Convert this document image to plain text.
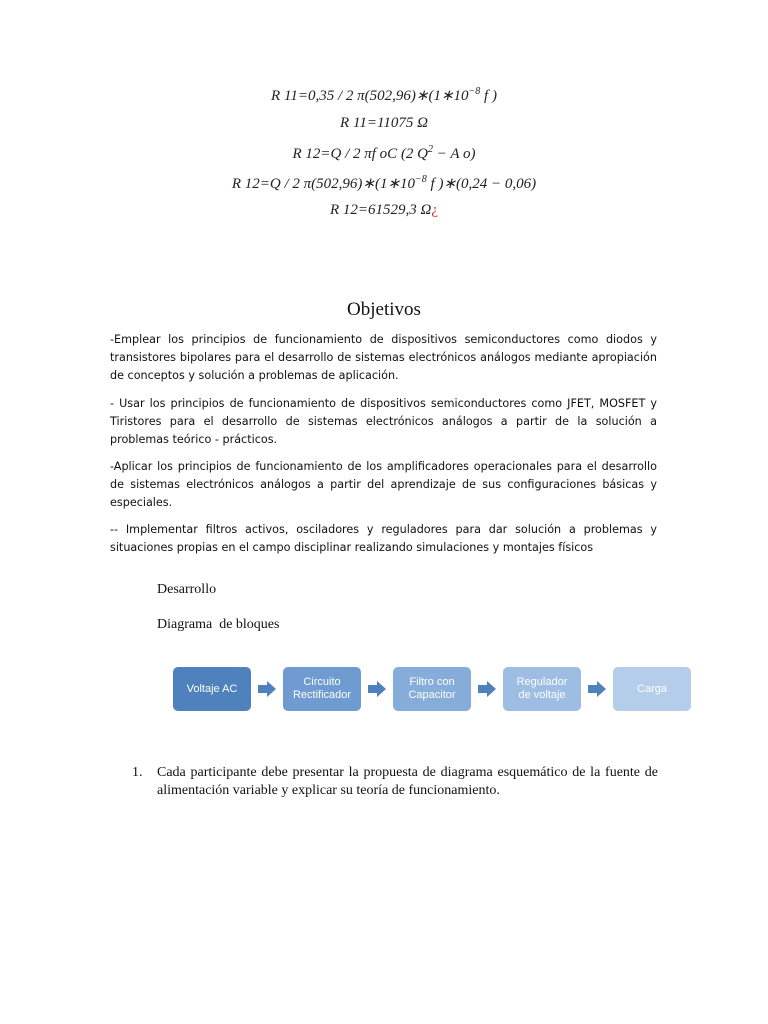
R 11=0,35 / 2 $\pi(502,96)∗(1∗10^{-8}$ f )
R 11=11075 Ω
R 12=Q / 2 πf oC (2 $Q^2 - A$ o)
R 12=Q / 2 $\pi(502,96)∗(1∗10^{-8}$ f )∗(0,24 − 0,06)
R 12=61529,3 Ω¿
Objetivos

-Emplear los principios de funcionamiento de dispositivos semiconductores como diodos y transistores bipolares para el desarrollo de sistemas electrónicos análogos mediante apropiación de conceptos y solución a problemas de aplicación.

- Usar los principios de funcionamiento de dispositivos semiconductores como JFET, MOSFET y Tiristores para el desarrollo de sistemas electrónicos análogos a partir de la solución a problemas teórico - prácticos.

-Aplicar los principios de funcionamiento de los amplificadores operacionales para el desarrollo de sistemas electrónicos análogos a partir del aprendizaje de sus configuraciones básicas y especiales.

-- Implementar filtros activos, osciladores y reguladores para dar solución a problemas y situaciones propias en el campo disciplinar realizando simulaciones y montajes físicos

Desarrollo
Diagrama  de bloques
Voltaje AC
Circuito Rectificador
Filtro con Capacitor
Regulador de voltaje
Carga
1. Cada participante debe presentar la propuesta de diagrama esquemático de la fuente de alimentación variable y explicar su teoría de funcionamiento.
